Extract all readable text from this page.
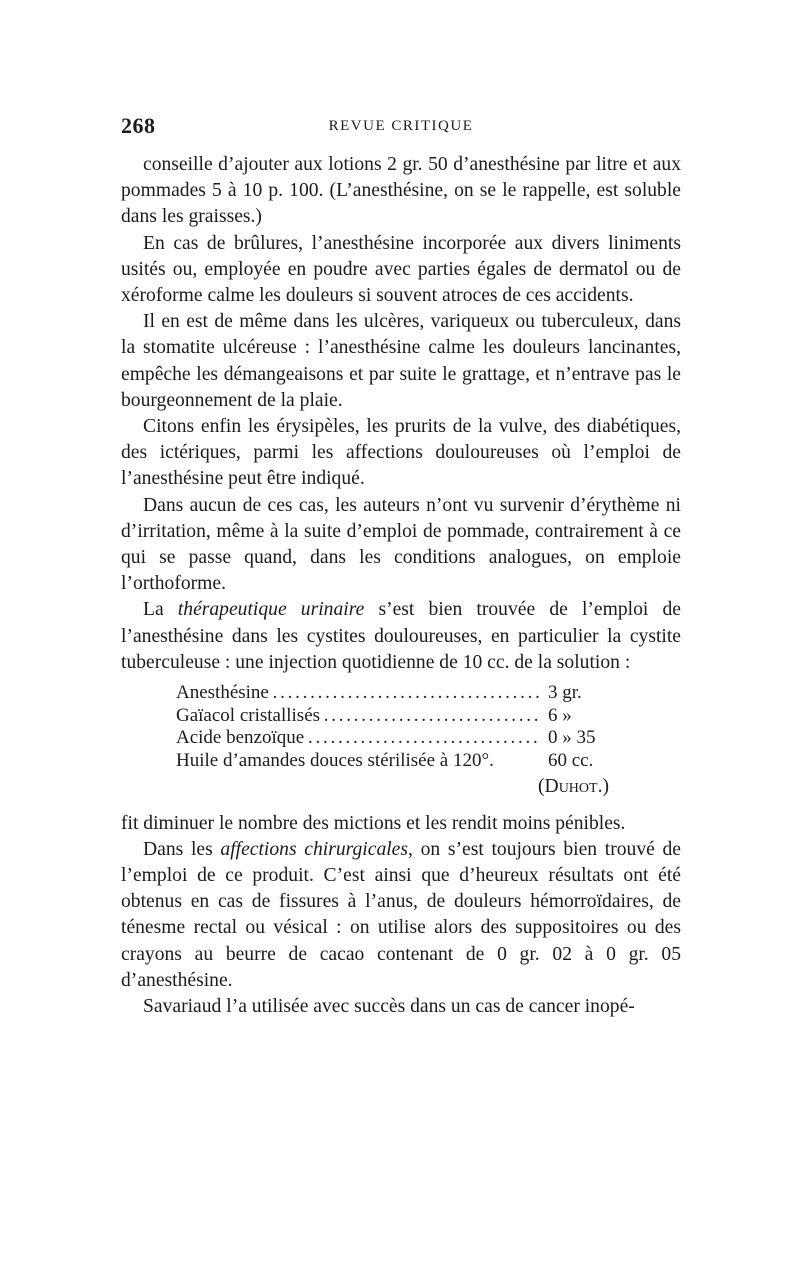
268	REVUE CRITIQUE

conseille d’ajouter aux lotions 2 gr. 50 d’anesthésine par litre et aux pommades 5 à 10 p. 100. (L’anesthésine, on se le rappelle, est soluble dans les graisses.)

En cas de brûlures, l’anesthésine incorporée aux divers liniments usités ou, employée en poudre avec parties égales de dermatol ou de xéroforme calme les douleurs si souvent atroces de ces accidents.

Il en est de même dans les ulcères, variqueux ou tuberculeux, dans la stomatite ulcéreuse : l’anesthésine calme les douleurs lancinantes, empêche les démangeaisons et par suite le grattage, et n’entrave pas le bourgeonnement de la plaie.

Citons enfin les érysipèles, les prurits de la vulve, des diabétiques, des ictériques, parmi les affections douloureuses où l’emploi de l’anesthésine peut être indiqué.

Dans aucun de ces cas, les auteurs n’ont vu survenir d’érythème ni d’irritation, même à la suite d’emploi de pommade, contrairement à ce qui se passe quand, dans les conditions analogues, on emploie l’orthoforme.

La thérapeutique urinaire s’est bien trouvée de l’emploi de l’anesthésine dans les cystites douloureuses, en particulier la cystite tuberculeuse : une injection quotidienne de 10 cc. de la solution :

Anesthésine . . .	3 gr.
Gaïacol cristallisés . . .	6 »
Acide benzoïque . . .	0 » 35
Huile d’amandes douces stérilisée à 120°.	60 cc.
(Duhot.)

fit diminuer le nombre des mictions et les rendit moins pénibles.

Dans les affections chirurgicales, on s’est toujours bien trouvé de l’emploi de ce produit. C’est ainsi que d’heureux résultats ont été obtenus en cas de fissures à l’anus, de douleurs hémorroïdaires, de ténesme rectal ou vésical : on utilise alors des suppositoires ou des crayons au beurre de cacao contenant de 0 gr. 02 à 0 gr. 05 d’anesthésine.

Savariaud l’a utilisée avec succès dans un cas de cancer inopé-
